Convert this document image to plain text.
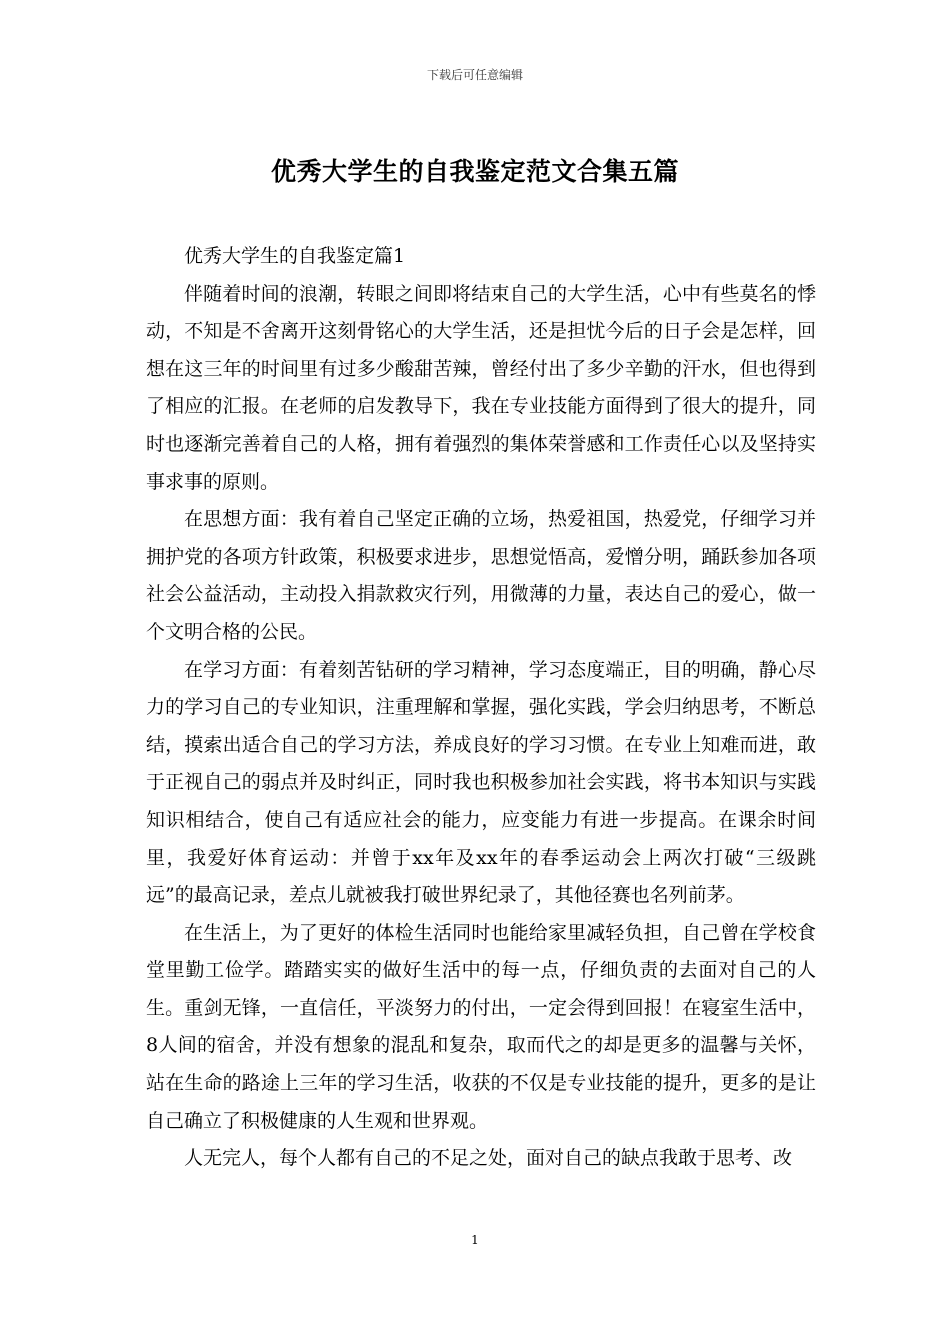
下载后可任意编辑
优秀大学生的自我鉴定范文合集五篇

优秀大学生的自我鉴定篇1

伴随着时间的浪潮，转眼之间即将结束自己的大学生活，心中有些莫名的悸动，不知是不舍离开这刻骨铭心的大学生活，还是担忧今后的日子会是怎样，回想在这三年的时间里有过多少酸甜苦辣，曾经付出了多少辛勤的汗水，但也得到了相应的汇报。在老师的启发教导下，我在专业技能方面得到了很大的提升，同时也逐渐完善着自己的人格，拥有着强烈的集体荣誉感和工作责任心以及坚持实事求事的原则。

在思想方面：我有着自己坚定正确的立场，热爱祖国，热爱党，仔细学习并拥护党的各项方针政策，积极要求进步，思想觉悟高，爱憎分明，踊跃参加各项社会公益活动，主动投入捐款救灾行列，用微薄的力量，表达自己的爱心，做一个文明合格的公民。

在学习方面：有着刻苦钻研的学习精神，学习态度端正，目的明确，静心尽力的学习自己的专业知识，注重理解和掌握，强化实践，学会归纳思考，不断总结，摸索出适合自己的学习方法，养成良好的学习习惯。在专业上知难而进，敢于正视自己的弱点并及时纠正，同时我也积极参加社会实践，将书本知识与实践知识相结合，使自己有适应社会的能力，应变能力有进一步提高。在课余时间里，我爱好体育运动：并曾于xx年及xx年的春季运动会上两次打破“三级跳远”的最高记录，差点儿就被我打破世界纪录了，其他径赛也名列前茅。

在生活上，为了更好的体检生活同时也能给家里减轻负担，自己曾在学校食堂里勤工俭学。踏踏实实的做好生活中的每一点，仔细负责的去面对自己的人生。重剑无锋，一直信任，平淡努力的付出，一定会得到回报！在寝室生活中，8人间的宿舍，并没有想象的混乱和复杂，取而代之的却是更多的温馨与关怀，站在生命的路途上三年的学习生活，收获的不仅是专业技能的提升，更多的是让自己确立了积极健康的人生观和世界观。

人无完人，每个人都有自己的不足之处，面对自己的缺点我敢于思考、改

1
